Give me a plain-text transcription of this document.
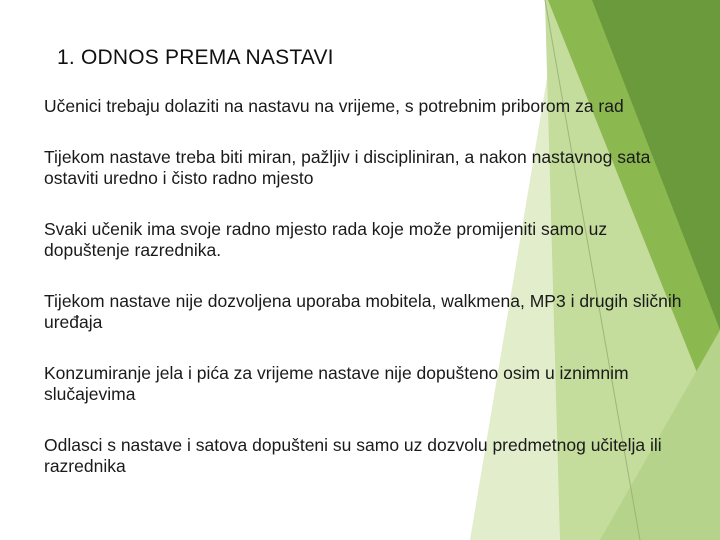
1. ODNOS PREMA NASTAVI
Učenici trebaju dolaziti na nastavu na vrijeme, s potrebnim priborom za rad
Tijekom nastave treba biti miran, pažljiv i discipliniran, a nakon nastavnog sata ostaviti uredno i čisto radno mjesto
Svaki učenik ima svoje radno mjesto rada koje može promijeniti samo uz dopuštenje razrednika.
Tijekom nastave nije dozvoljena uporaba mobitela, walkmena, MP3 i drugih sličnih uređaja
Konzumiranje jela i pića za vrijeme nastave nije dopušteno osim u iznimnim slučajevima
Odlasci s nastave i satova dopušteni su samo uz dozvolu predmetnog učitelja ili razrednika
